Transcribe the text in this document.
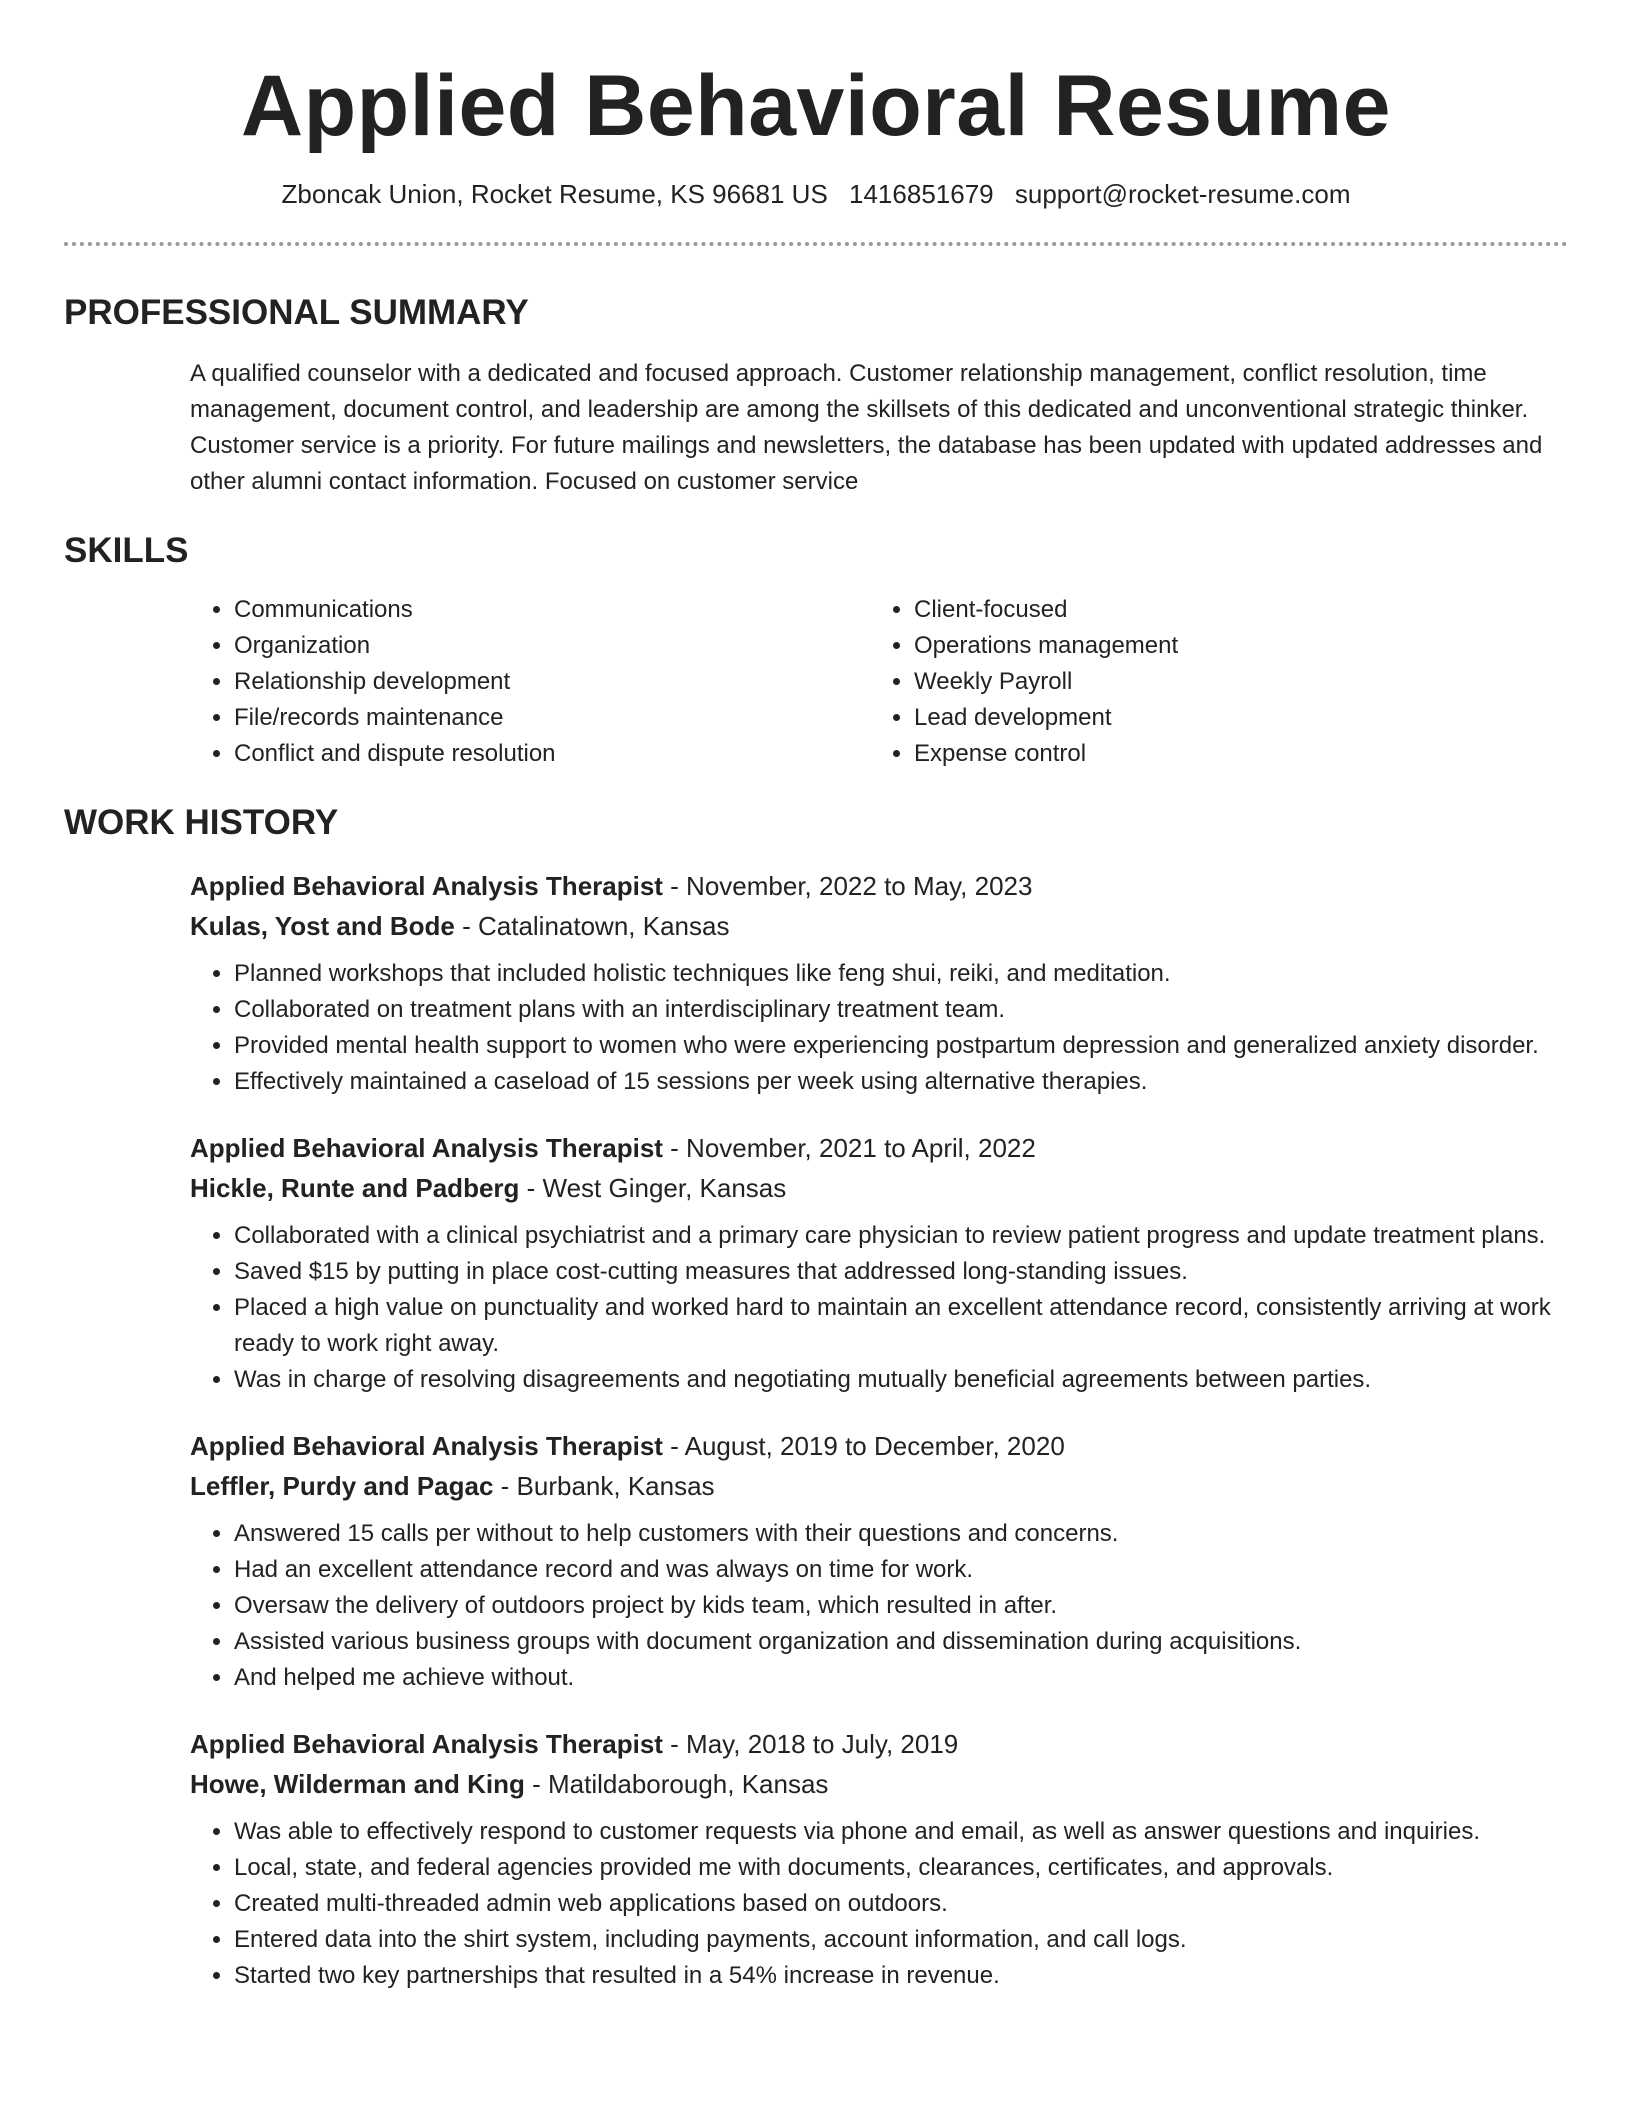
Applied Behavioral Resume
Zboncak Union, Rocket Resume, KS 96681 US 1416851679 support@rocket-resume.com
PROFESSIONAL SUMMARY
A qualified counselor with a dedicated and focused approach. Customer relationship management, conflict resolution, time management, document control, and leadership are among the skillsets of this dedicated and unconventional strategic thinker. Customer service is a priority. For future mailings and newsletters, the database has been updated with updated addresses and other alumni contact information. Focused on customer service
SKILLS
• Communications
• Organization
• Relationship development
• File/records maintenance
• Conflict and dispute resolution
• Client-focused
• Operations management
• Weekly Payroll
• Lead development
• Expense control
WORK HISTORY
Applied Behavioral Analysis Therapist - November, 2022 to May, 2023
Kulas, Yost and Bode - Catalinatown, Kansas
• Planned workshops that included holistic techniques like feng shui, reiki, and meditation.
• Collaborated on treatment plans with an interdisciplinary treatment team.
• Provided mental health support to women who were experiencing postpartum depression and generalized anxiety disorder.
• Effectively maintained a caseload of 15 sessions per week using alternative therapies.
Applied Behavioral Analysis Therapist - November, 2021 to April, 2022
Hickle, Runte and Padberg - West Ginger, Kansas
• Collaborated with a clinical psychiatrist and a primary care physician to review patient progress and update treatment plans.
• Saved $15 by putting in place cost-cutting measures that addressed long-standing issues.
• Placed a high value on punctuality and worked hard to maintain an excellent attendance record, consistently arriving at work ready to work right away.
• Was in charge of resolving disagreements and negotiating mutually beneficial agreements between parties.
Applied Behavioral Analysis Therapist - August, 2019 to December, 2020
Leffler, Purdy and Pagac - Burbank, Kansas
• Answered 15 calls per without to help customers with their questions and concerns.
• Had an excellent attendance record and was always on time for work.
• Oversaw the delivery of outdoors project by kids team, which resulted in after.
• Assisted various business groups with document organization and dissemination during acquisitions.
• And helped me achieve without.
Applied Behavioral Analysis Therapist - May, 2018 to July, 2019
Howe, Wilderman and King - Matildaborough, Kansas
• Was able to effectively respond to customer requests via phone and email, as well as answer questions and inquiries.
• Local, state, and federal agencies provided me with documents, clearances, certificates, and approvals.
• Created multi-threaded admin web applications based on outdoors.
• Entered data into the shirt system, including payments, account information, and call logs.
• Started two key partnerships that resulted in a 54% increase in revenue.
